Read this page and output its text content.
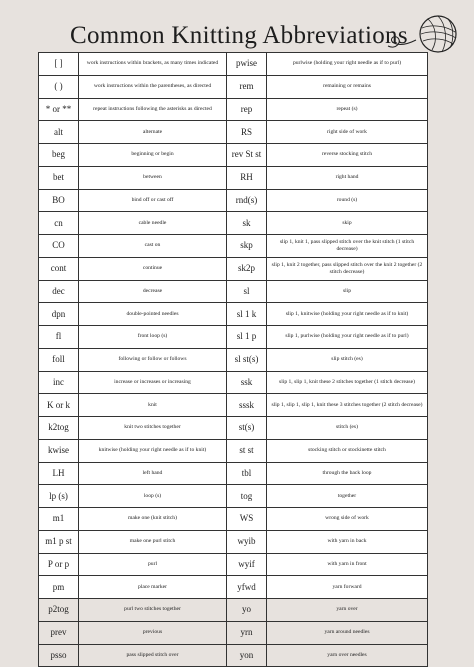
Common Knitting Abbreviations
[ ]	work instructions within brackets, as many times indicated	pwise	purlwise (holding your right needle as if to purl)
( )	work instructions within the parentheses, as directed	rem	remaining or remains
* or **	repeat instructions following the asterisks as directed	rep	repeat (s)
alt	alternate	RS	right side of work
beg	beginning or begin	rev St st	reverse stocking stitch
bet	between	RH	right hand
BO	bind off or cast off	rnd(s)	round (s)
cn	cable needle	sk	skip
CO	cast on	skp	slip 1, knit 1, pass slipped stitch over the knit stitch (1 stitch decrease)
cont	continue	sk2p	slip 1, knit 2 together, pass slipped stitch over the knit 2 together (2 stitch decrease)
dec	decrease	sl	slip
dpn	double-pointed needles	sl 1 k	slip 1, knitwise (holding your right needle as if to knit)
fl	front loop (s)	sl 1 p	slip 1, purlwise (holding your right needle as if to purl)
foll	following or follow or follows	sl st(s)	slip stitch (es)
inc	increase or increases or increasing	ssk	slip 1, slip 1, knit these 2 stitches together (1 stitch decrease)
K or k	knit	sssk	slip 1, slip 1, slip 1, knit these 3 stitches together (2 stitch decrease)
k2tog	knit two stitches together	st(s)	stitch (es)
kwise	knitwise (holding your right needle as if to knit)	st st	stocking stitch or stockinette stitch
LH	left hand	tbl	through the back loop
lp (s)	loop (s)	tog	together
m1	make one (knit stitch)	WS	wrong side of work
m1 p st	make one purl stitch	wyib	with yarn in back
P or p	purl	wyif	with yarn in front
pm	place marker	yfwd	yarn forward
p2tog	purl two stitches together	yo	yarn over
prev	previous	yrn	yarn around needles
psso	pass slipped stitch over	yon	yarn over needles
